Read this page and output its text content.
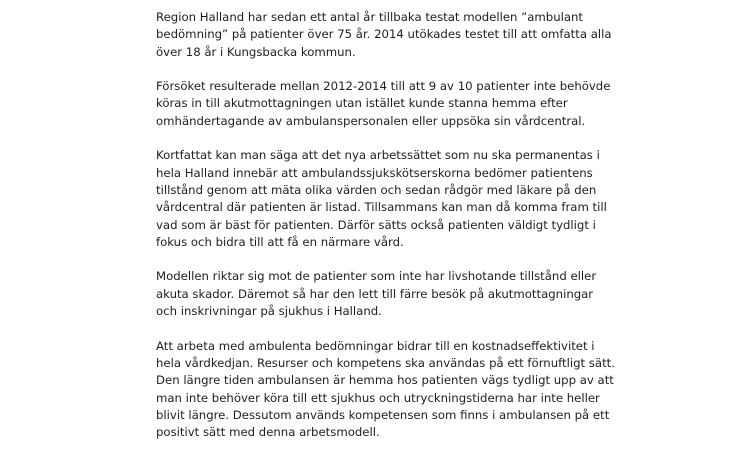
Region Halland har sedan ett antal år tillbaka testat modellen ”ambulant
bedömning” på patienter över 75 år. 2014 utökades testet till att omfatta alla
över 18 år i Kungsbacka kommun.

Försöket resulterade mellan 2012-2014 till att 9 av 10 patienter inte behövde
köras in till akutmottagningen utan istället kunde stanna hemma efter
omhändertagande av ambulanspersonalen eller uppsöka sin vårdcentral.

Kortfattat kan man säga att det nya arbetssättet som nu ska permanentas i
hela Halland innebär att ambulandssjukskötserskorna bedömer patientens
tillstånd genom att mäta olika värden och sedan rådgör med läkare på den
vårdcentral där patienten är listad. Tillsammans kan man då komma fram till
vad som är bäst för patienten. Därför sätts också patienten väldigt tydligt i
fokus och bidra till att få en närmare vård.

Modellen riktar sig mot de patienter som inte har livshotande tillstånd eller
akuta skador. Däremot så har den lett till färre besök på akutmottagningar
och inskrivningar på sjukhus i Halland.

Att arbeta med ambulenta bedömningar bidrar till en kostnadseffektivitet i
hela vårdkedjan. Resurser och kompetens ska användas på ett förnuftligt sätt.
Den längre tiden ambulansen är hemma hos patienten vägs tydligt upp av att
man inte behöver köra till ett sjukhus och utryckningstiderna har inte heller
blivit längre. Dessutom används kompetensen som finns i ambulansen på ett
positivt sätt med denna arbetsmodell.
